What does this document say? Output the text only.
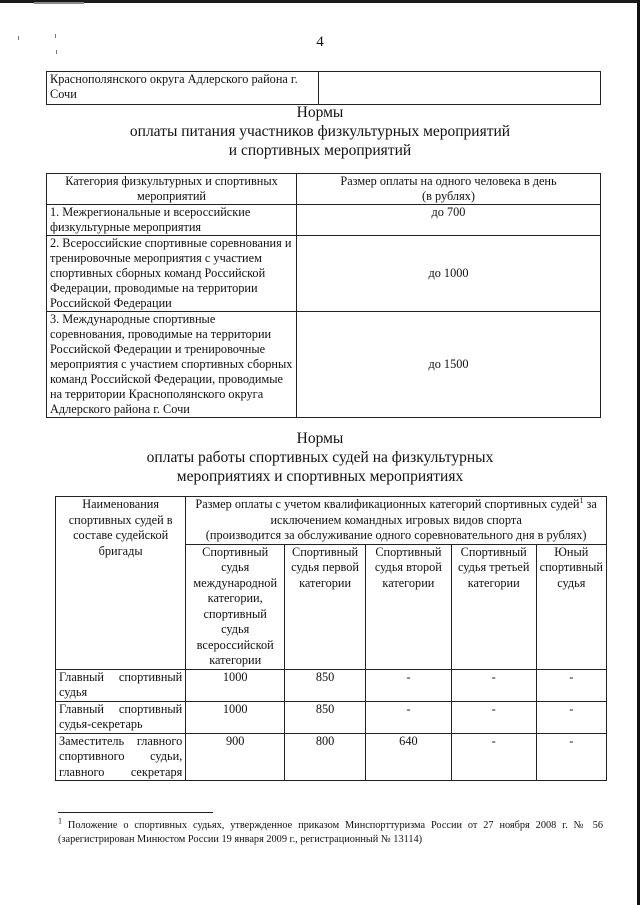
4
Краснополянского округа Адлерского района г. Сочи	
Нормы
оплаты питания участников физкультурных мероприятий
и спортивных мероприятий
Категория физкультурных и спортивных мероприятий	Размер оплаты на одного человека в день (в рублях)
1. Межрегиональные и всероссийские физкультурные мероприятия	до 700
2. Всероссийские спортивные соревнования и тренировочные мероприятия с участием спортивных сборных команд Российской Федерации, проводимые на территории Российской Федерации	до 1000
3. Международные спортивные соревнования, проводимые на территории Российской Федерации и тренировочные мероприятия с участием спортивных сборных команд Российской Федерации, проводимые на территории Краснополянского округа Адлерского района г. Сочи	до 1500
Нормы
оплаты работы спортивных судей на физкультурных
мероприятиях и спортивных мероприятиях
Наименования спортивных судей в составе судейской бригады	Размер оплаты с учетом квалификационных категорий спортивных судей$^1$ за исключением командных игровых видов спорта
(производится за обслуживание одного соревновательного дня в рублях)				
	Спортивный судья международной категории, спортивный судья всероссийской категории	Спортивный судья первой категории	Спортивный судья второй категории	Спортивный судья третьей категории	Юный спортивный судья
Главный спортивный судья	1000	850	-	-	-
Главный спортивный судья-секретарь	1000	850	-	-	-
Заместитель главного спортивного судьи, главного секретаря	900	800	640	-	-
$^1$ Положение о спортивных судьях, утвержденное приказом Минспорттуризма России от 27 ноября 2008 г. № 56 (зарегистрирован Минюстом России 19 января 2009 г., регистрационный № 13114)
